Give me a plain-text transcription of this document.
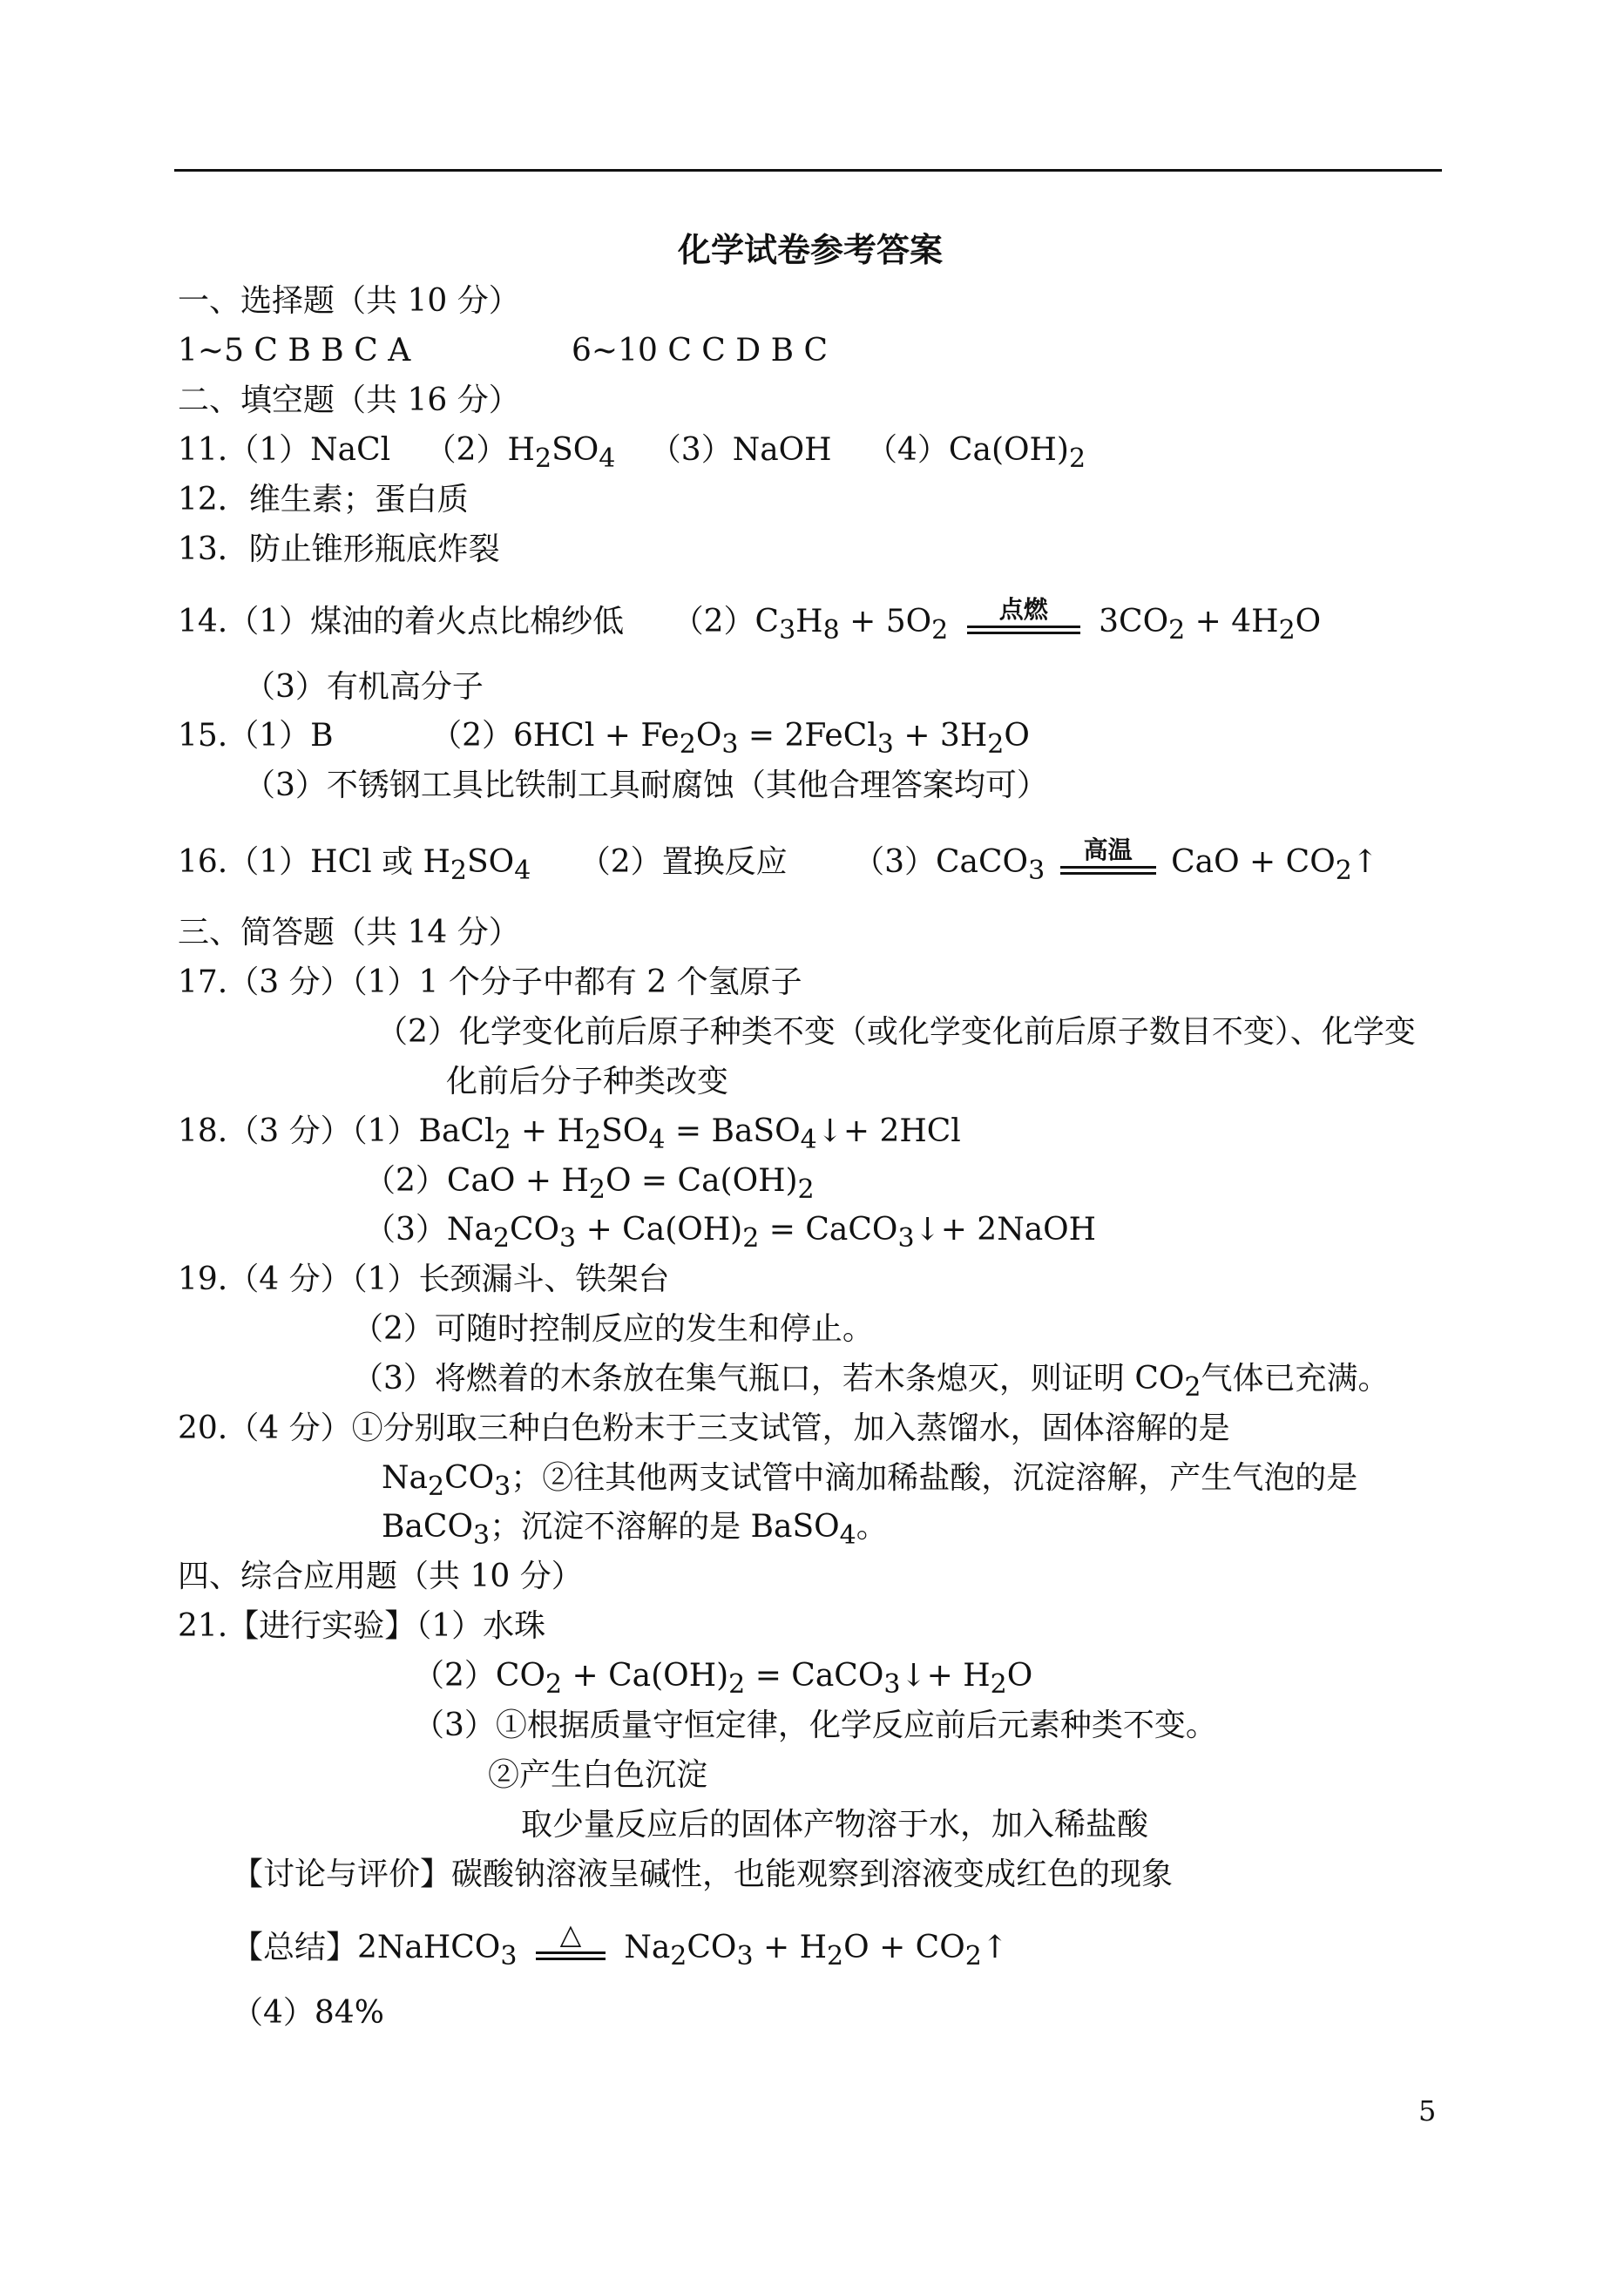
化学试卷参考答案
一、选择题（共 10 分）
1~5 C B B C A	6~10 C C D B C
二、填空题（共 16 分）
11.（1）NaCl $(2)H_2SO_4$ （3）NaOH $(4)Ca(OH)_2$
12．维生素；蛋白质
13．防止锥形瓶底炸裂
14.（1）煤油的着火点比棉纱低 $(2)C_3H_8 + 5O_2$
点燃	$3CO_2 + 4H_2O$
（3）有机高分子
15.（1）B	$(2)6HCl + Fe_2O_3$ = 2FeCl$_3$ + $3H_2O$
（3）不锈钢工具比铁制工具耐腐蚀（其他合理答案均可）
16.（1）HCl 或 $H_2SO_4$ （2）置换反应 （3）CaCO$_3$
高温	CaO + $CO_2↑$
三、简答题（共 14 分）
17.（3 分）（1）1 个分子中都有 2 个氢原子
（2）化学变化前后原子种类不变（或化学变化前后原子数目不变）、化学变
化前后分子种类改变
18.（3 分）（1）BaCl$_2$ + $H_2SO_4$ = BaSO$_4$↓+ 2HCl
$(2)CaO + H_2O = Ca(OH)_2$
$(3)Na_2CO_3 + Ca(OH)_2$ = CaCO$_3$↓+ 2NaOH
19.（4 分）（1）长颈漏斗、铁架台
（2）可随时控制反应的发生和停止。
（3）将燃着的木条放在集气瓶口，若木条熄灭，则证明 $CO_2$气体已充满。
20.（4 分）①分别取三种白色粉末于三支试管，加入蒸馏水，固体溶解的是
$Na_2CO_3$；②往其他两支试管中滴加稀盐酸，沉淀溶解，产生气泡的是
BaCO$_3$；沉淀不溶解的是 BaSO$_4$。
四、综合应用题（共 10 分）
21.【进行实验】（1）水珠
$(2)CO_2 + Ca(OH)_2$ = CaCO$_3$↓+ $H_2O$
（3）①根据质量守恒定律，化学反应前后元素种类不变。
②产生白色沉淀
取少量反应后的固体产物溶于水，加入稀盐酸
【讨论与评价】碳酸钠溶液呈碱性，也能观察到溶液变成红色的现象
【总结】2NaHCO$_3$
△	$Na_2CO_3 + H_2O$ + $CO_2↑$
（4）84%
5
